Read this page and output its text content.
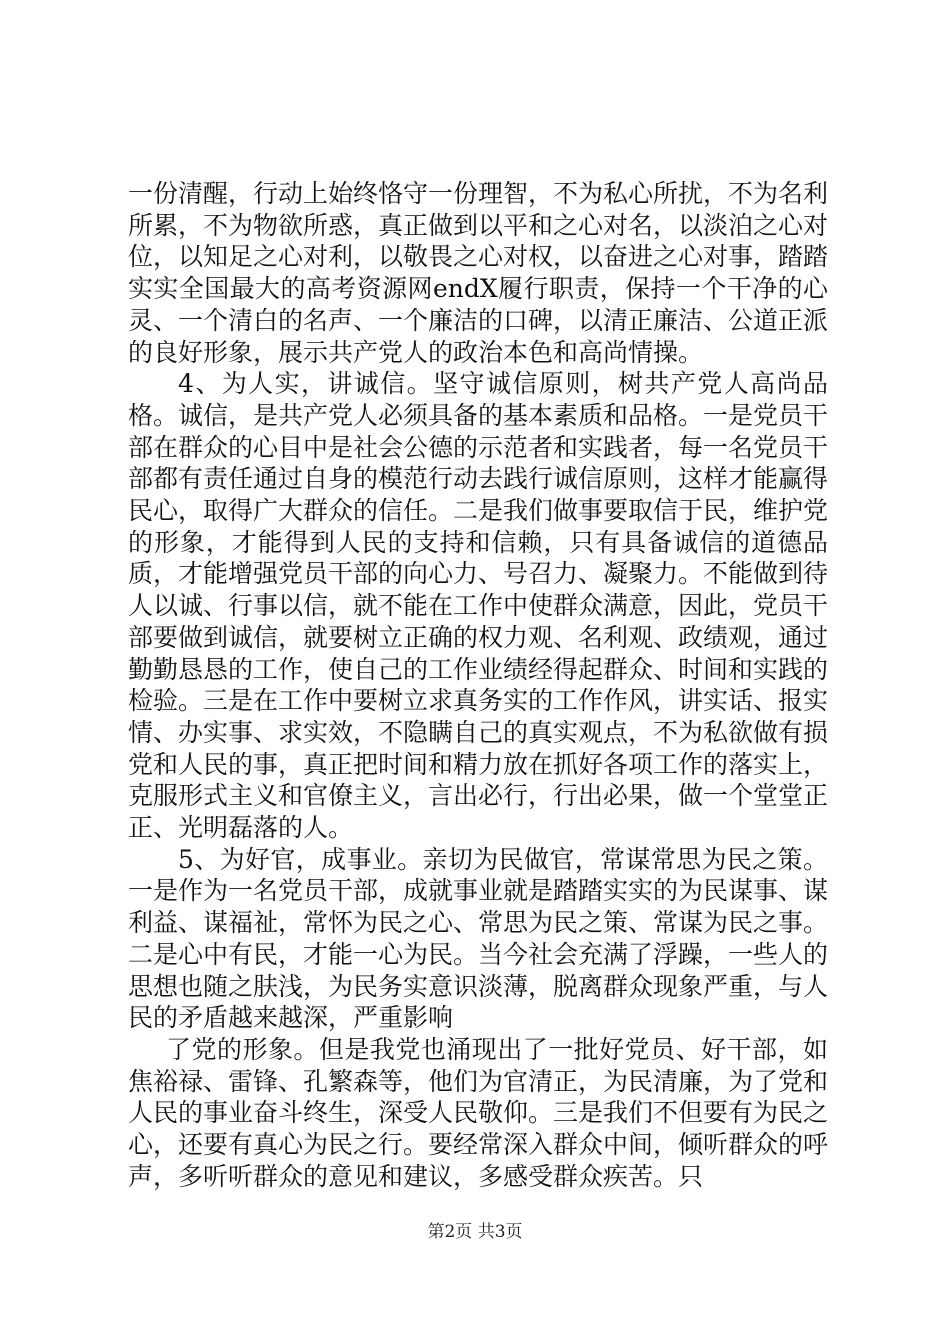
一份清醒，行动上始终恪守一份理智，不为私心所扰，不为名利所累，不为物欲所惑，真正做到以平和之心对名，以淡泊之心对位，以知足之心对利，以敬畏之心对权，以奋进之心对事，踏踏实实全国最大的高考资源网endX履行职责，保持一个干净的心灵、一个清白的名声、一个廉洁的口碑，以清正廉洁、公道正派的良好形象，展示共产党人的政治本色和高尚情操。

4、为人实，讲诚信。坚守诚信原则，树共产党人高尚品格。诚信，是共产党人必须具备的基本素质和品格。一是党员干部在群众的心目中是社会公德的示范者和实践者，每一名党员干部都有责任通过自身的模范行动去践行诚信原则，这样才能赢得民心，取得广大群众的信任。二是我们做事要取信于民，维护党的形象，才能得到人民的支持和信赖，只有具备诚信的道德品质，才能增强党员干部的向心力、号召力、凝聚力。不能做到待人以诚、行事以信，就不能在工作中使群众满意，因此，党员干部要做到诚信，就要树立正确的权力观、名利观、政绩观，通过勤勤恳恳的工作，使自己的工作业绩经得起群众、时间和实践的检验。三是在工作中要树立求真务实的工作作风，讲实话、报实情、办实事、求实效，不隐瞒自己的真实观点，不为私欲做有损党和人民的事，真正把时间和精力放在抓好各项工作的落实上，克服形式主义和官僚主义，言出必行，行出必果，做一个堂堂正正、光明磊落的人。

5、为好官，成事业。亲切为民做官，常谋常思为民之策。一是作为一名党员干部，成就事业就是踏踏实实的为民谋事、谋利益、谋福祉，常怀为民之心、常思为民之策、常谋为民之事。二是心中有民，才能一心为民。当今社会充满了浮躁，一些人的思想也随之肤浅，为民务实意识淡薄，脱离群众现象严重，与人民的矛盾越来越深，严重影响

了党的形象。但是我党也涌现出了一批好党员、好干部，如焦裕禄、雷锋、孔繁森等，他们为官清正，为民清廉，为了党和人民的事业奋斗终生，深受人民敬仰。三是我们不但要有为民之心，还要有真心为民之行。要经常深入群众中间，倾听群众的呼声，多听听群众的意见和建议，多感受群众疾苦。只

第2页 共3页
